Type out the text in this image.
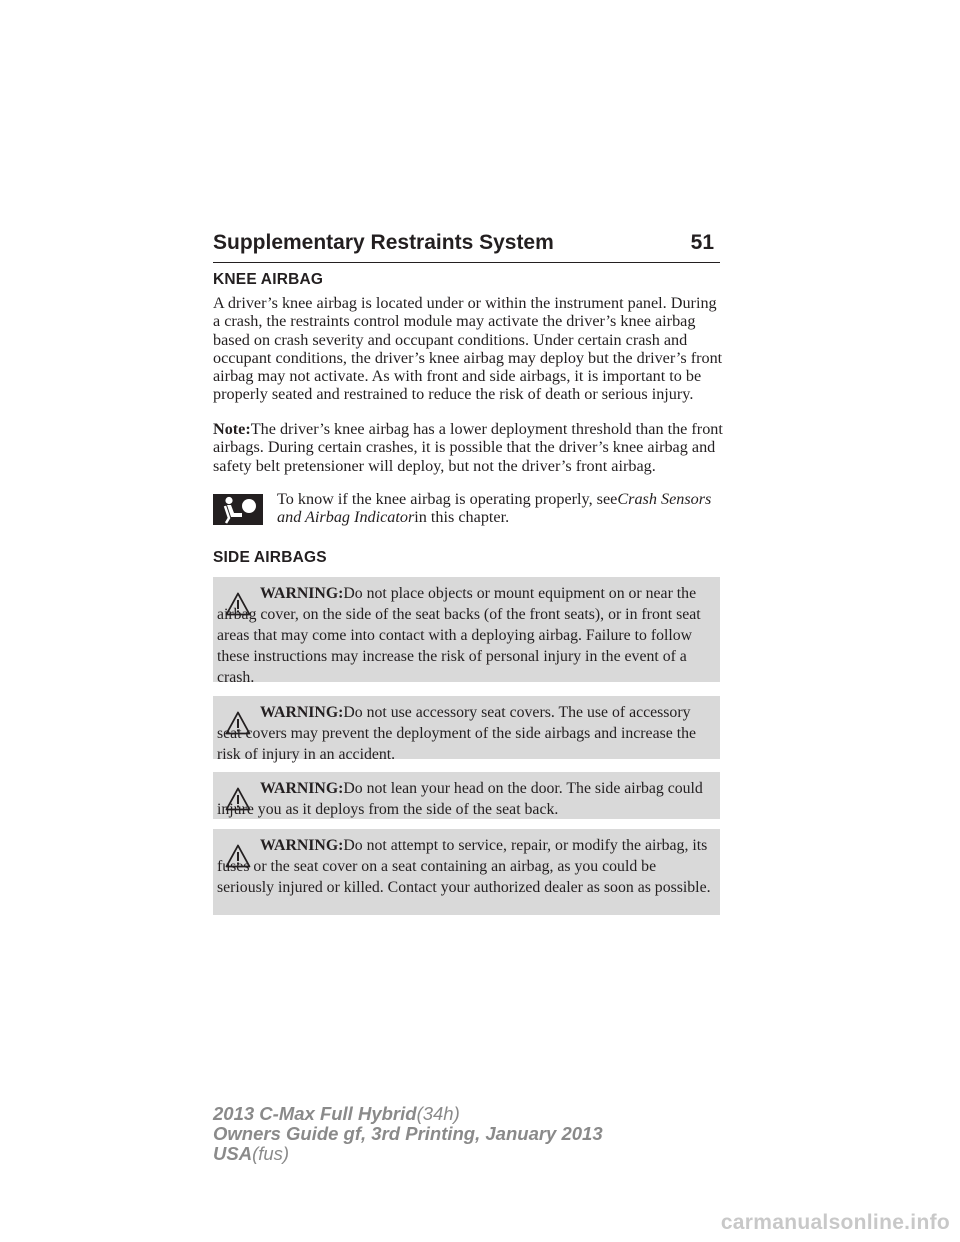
Supplementary Restraints System	51
KNEE AIRBAG

A driver’s knee airbag is located under or within the instrument panel. During a crash, the restraints control module may activate the driver’s knee airbag based on crash severity and occupant conditions. Under certain crash and occupant conditions, the driver’s knee airbag may deploy but the driver’s front airbag may not activate. As with front and side airbags, it is important to be properly seated and restrained to reduce the risk of death or serious injury.

Note:The driver’s knee airbag has a lower deployment threshold than the front airbags. During certain crashes, it is possible that the driver’s knee airbag and safety belt pretensioner will deploy, but not the driver’s front airbag.

To know if the knee airbag is operating properly, seeCrash Sensors and Airbag Indicatorin this chapter.

SIDE AIRBAGS

WARNING:Do not place objects or mount equipment on or near the airbag cover, on the side of the seat backs (of the front seats), or in front seat areas that may come into contact with a deploying airbag. Failure to follow these instructions may increase the risk of personal injury in the event of a crash.

WARNING:Do not use accessory seat covers. The use of accessory seat covers may prevent the deployment of the side airbags and increase the risk of injury in an accident.

WARNING:Do not lean your head on the door. The side airbag could injure you as it deploys from the side of the seat back.

WARNING:Do not attempt to service, repair, or modify the airbag, its fuses or the seat cover on a seat containing an airbag, as you could be seriously injured or killed. Contact your authorized dealer as soon as possible.

2013 C-Max Full Hybrid(34h)
Owners Guide gf, 3rd Printing, January 2013
USA(fus)
carmanualsonline.info
